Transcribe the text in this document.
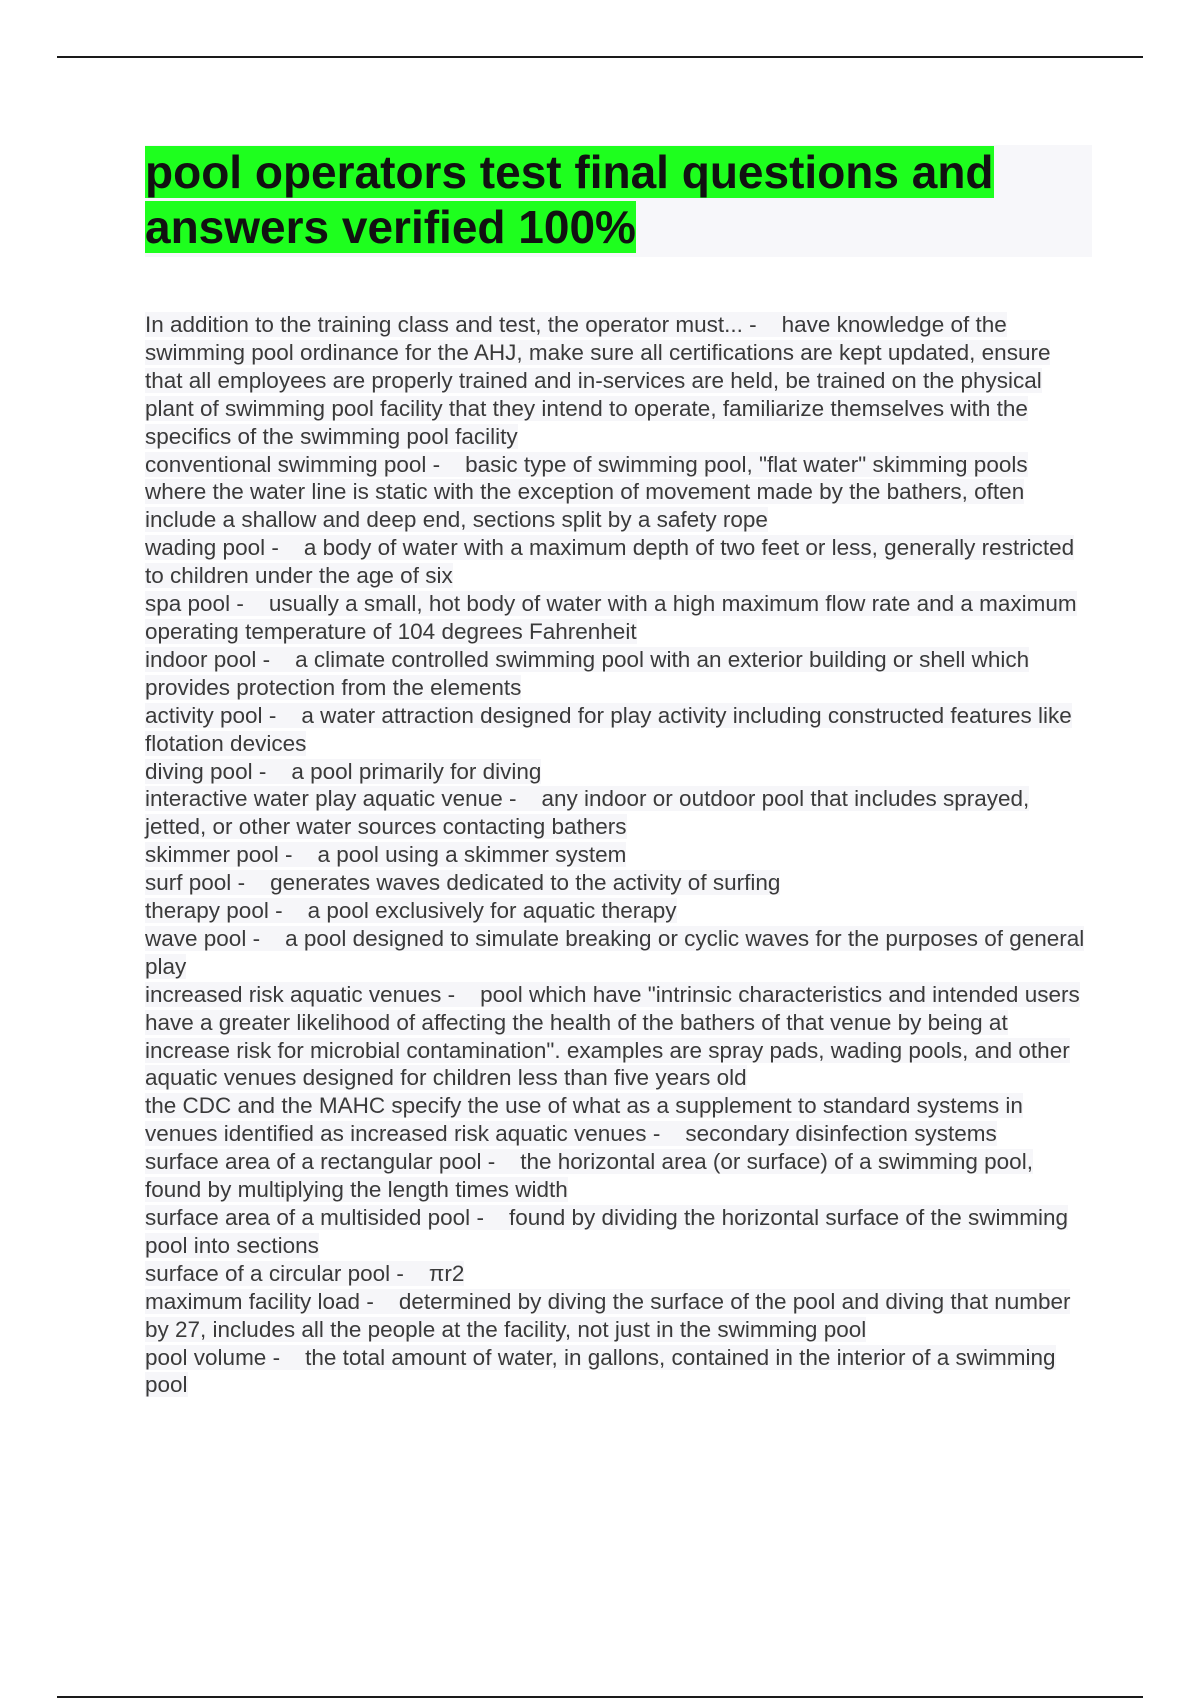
pool operators test final questions and answers verified 100%
In addition to the training class and test, the operator must... -    have knowledge of the swimming pool ordinance for the AHJ, make sure all certifications are kept updated, ensure that all employees are properly trained and in-services are held, be trained on the physical plant of swimming pool facility that they intend to operate, familiarize themselves with the specifics of the swimming pool facility
conventional swimming pool -    basic type of swimming pool, "flat water" skimming pools where the water line is static with the exception of movement made by the bathers, often include a shallow and deep end, sections split by a safety rope
wading pool -    a body of water with a maximum depth of two feet or less, generally restricted to children under the age of six
spa pool -    usually a small, hot body of water with a high maximum flow rate and a maximum operating temperature of 104 degrees Fahrenheit
indoor pool -    a climate controlled swimming pool with an exterior building or shell which provides protection from the elements
activity pool -    a water attraction designed for play activity including constructed features like flotation devices
diving pool -    a pool primarily for diving
interactive water play aquatic venue -    any indoor or outdoor pool that includes sprayed, jetted, or other water sources contacting bathers
skimmer pool -    a pool using a skimmer system
surf pool -    generates waves dedicated to the activity of surfing
therapy pool -    a pool exclusively for aquatic therapy
wave pool -    a pool designed to simulate breaking or cyclic waves for the purposes of general play
increased risk aquatic venues -    pool which have "intrinsic characteristics and intended users have a greater likelihood of affecting the health of the bathers of that venue by being at increase risk for microbial contamination". examples are spray pads, wading pools, and other aquatic venues designed for children less than five years old
the CDC and the MAHC specify the use of what as a supplement to standard systems in venues identified as increased risk aquatic venues -    secondary disinfection systems
surface area of a rectangular pool -    the horizontal area (or surface) of a swimming pool, found by multiplying the length times width
surface area of a multisided pool -    found by dividing the horizontal surface of the swimming pool into sections
surface of a circular pool -    πr2
maximum facility load -    determined by diving the surface of the pool and diving that number by 27, includes all the people at the facility, not just in the swimming pool
pool volume -    the total amount of water, in gallons, contained in the interior of a swimming pool
